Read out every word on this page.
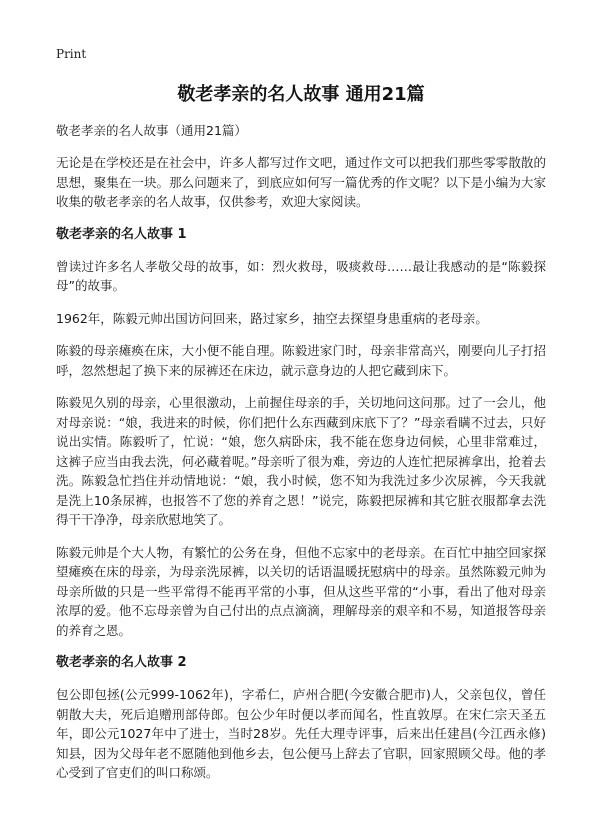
Print
敬老孝亲的名人故事 通用21篇

敬老孝亲的名人故事（通用21篇）

无论是在学校还是在社会中，许多人都写过作文吧，通过作文可以把我们那些零零散散的思想，聚集在一块。那么问题来了，到底应如何写一篇优秀的作文呢？以下是小编为大家收集的敬老孝亲的名人故事，仅供参考，欢迎大家阅读。

敬老孝亲的名人故事 1

曾读过许多名人孝敬父母的故事，如：烈火救母，吸痰救母……最让我感动的是“陈毅探母”的故事。

1962年，陈毅元帅出国访问回来，路过家乡，抽空去探望身患重病的老母亲。

陈毅的母亲瘫痪在床，大小便不能自理。陈毅进家门时，母亲非常高兴，刚要向儿子打招呼，忽然想起了换下来的尿裤还在床边，就示意身边的人把它藏到床下。

陈毅见久别的母亲，心里很激动，上前握住母亲的手，关切地问这问那。过了一会儿，他对母亲说：“娘，我进来的时候，你们把什么东西藏到床底下了？”母亲看瞒不过去，只好说出实情。陈毅听了，忙说：“娘，您久病卧床，我不能在您身边伺候，心里非常难过，这裤子应当由我去洗，何必藏着呢。”母亲听了很为难，旁边的人连忙把尿裤拿出，抢着去洗。陈毅急忙挡住并动情地说：“娘，我小时候，您不知为我洗过多少次尿裤，今天我就是洗上10条尿裤，也报答不了您的养育之恩！”说完，陈毅把尿裤和其它脏衣服都拿去洗得干干净净，母亲欣慰地笑了。

陈毅元帅是个大人物，有繁忙的公务在身，但他不忘家中的老母亲。在百忙中抽空回家探望瘫痪在床的母亲，为母亲洗尿裤，以关切的话语温暖抚慰病中的母亲。虽然陈毅元帅为母亲所做的只是一些平常得不能再平常的小事，但从这些平常的“小事，看出了他对母亲浓厚的爱。他不忘母亲曾为自己付出的点点滴滴，理解母亲的艰辛和不易，知道报答母亲的养育之恩。

敬老孝亲的名人故事 2

包公即包拯(公元999-1062年)，字希仁，庐州合肥(今安徽合肥市)人，父亲包仪，曾任朝散大夫，死后追赠刑部侍郎。包公少年时便以孝而闻名，性直敦厚。在宋仁宗天圣五年，即公元1027年中了进士，当时28岁。先任大理寺评事，后来出任建昌(今江西永修)知县，因为父母年老不愿随他到他乡去，包公便马上辞去了官职，回家照顾父母。他的孝心受到了官吏们的叫口称颂。
